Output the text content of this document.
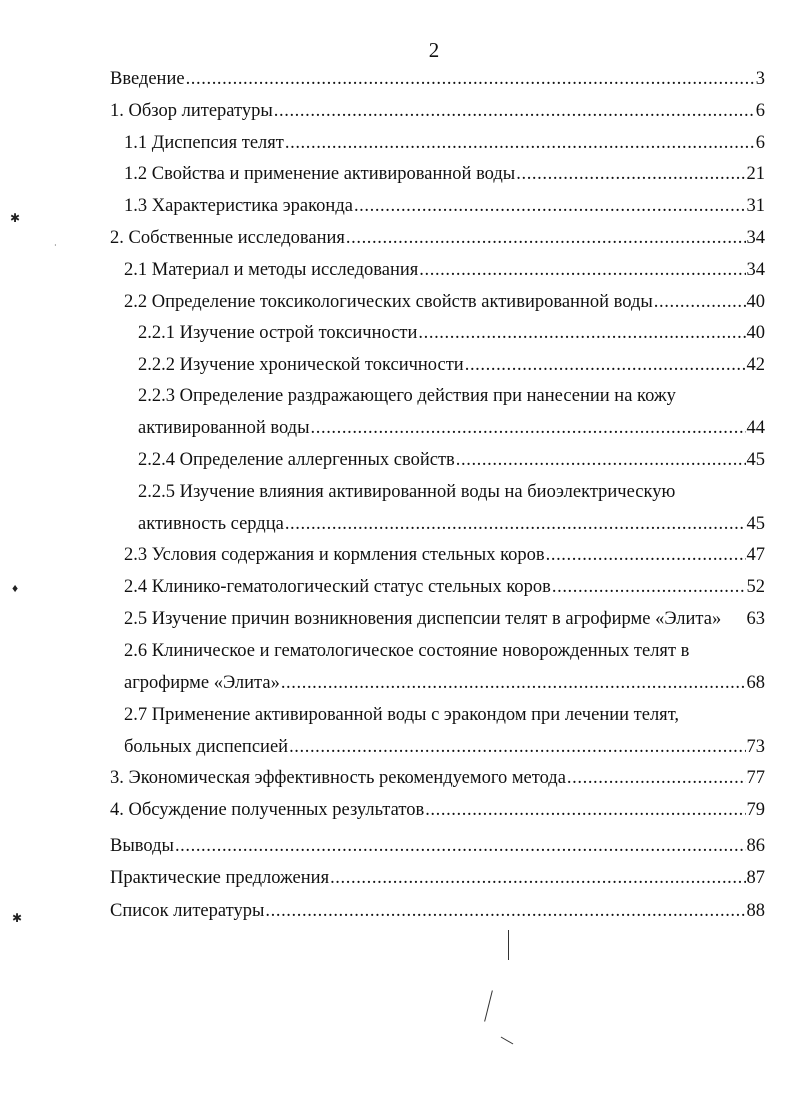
2
Введение .....	3
1. Обзор литературы .....	6
1.1 Диспепсия телят .....	6
1.2 Свойства и применение активированной воды .....	21
1.3 Характеристика эраконда .....	31
2. Собственные исследования .....	34
2.1 Материал и методы исследования .....	34
2.2 Определение токсикологических свойств активированной воды .....	40
2.2.1 Изучение острой токсичности .....	40
2.2.2 Изучение хронической токсичности .....	42
2.2.3 Определение раздражающего действия при нанесении на кожу
активированной воды .....	44
2.2.4 Определение аллергенных свойств .....	45
2.2.5 Изучение влияния активированной воды на биоэлектрическую
активность сердца .....	45
2.3 Условия содержания и кормления стельных коров .....	47
2.4 Клинико-гематологический статус стельных коров .....	52
2.5 Изучение причин возникновения диспепсии телят в агрофирме «Элита» 63
2.6 Клиническое и гематологическое состояние новорожденных телят в
агрофирме «Элита» .....	68
2.7 Применение активированной воды с эракондом при лечении телят,
больных диспепсией .....	73
3. Экономическая эффективность рекомендуемого метода .....	77
4. Обсуждение полученных результатов .....	79
Выводы .....	86
Практические предложения .....	87
Список литературы .....	88
✱
·
♦
✱
